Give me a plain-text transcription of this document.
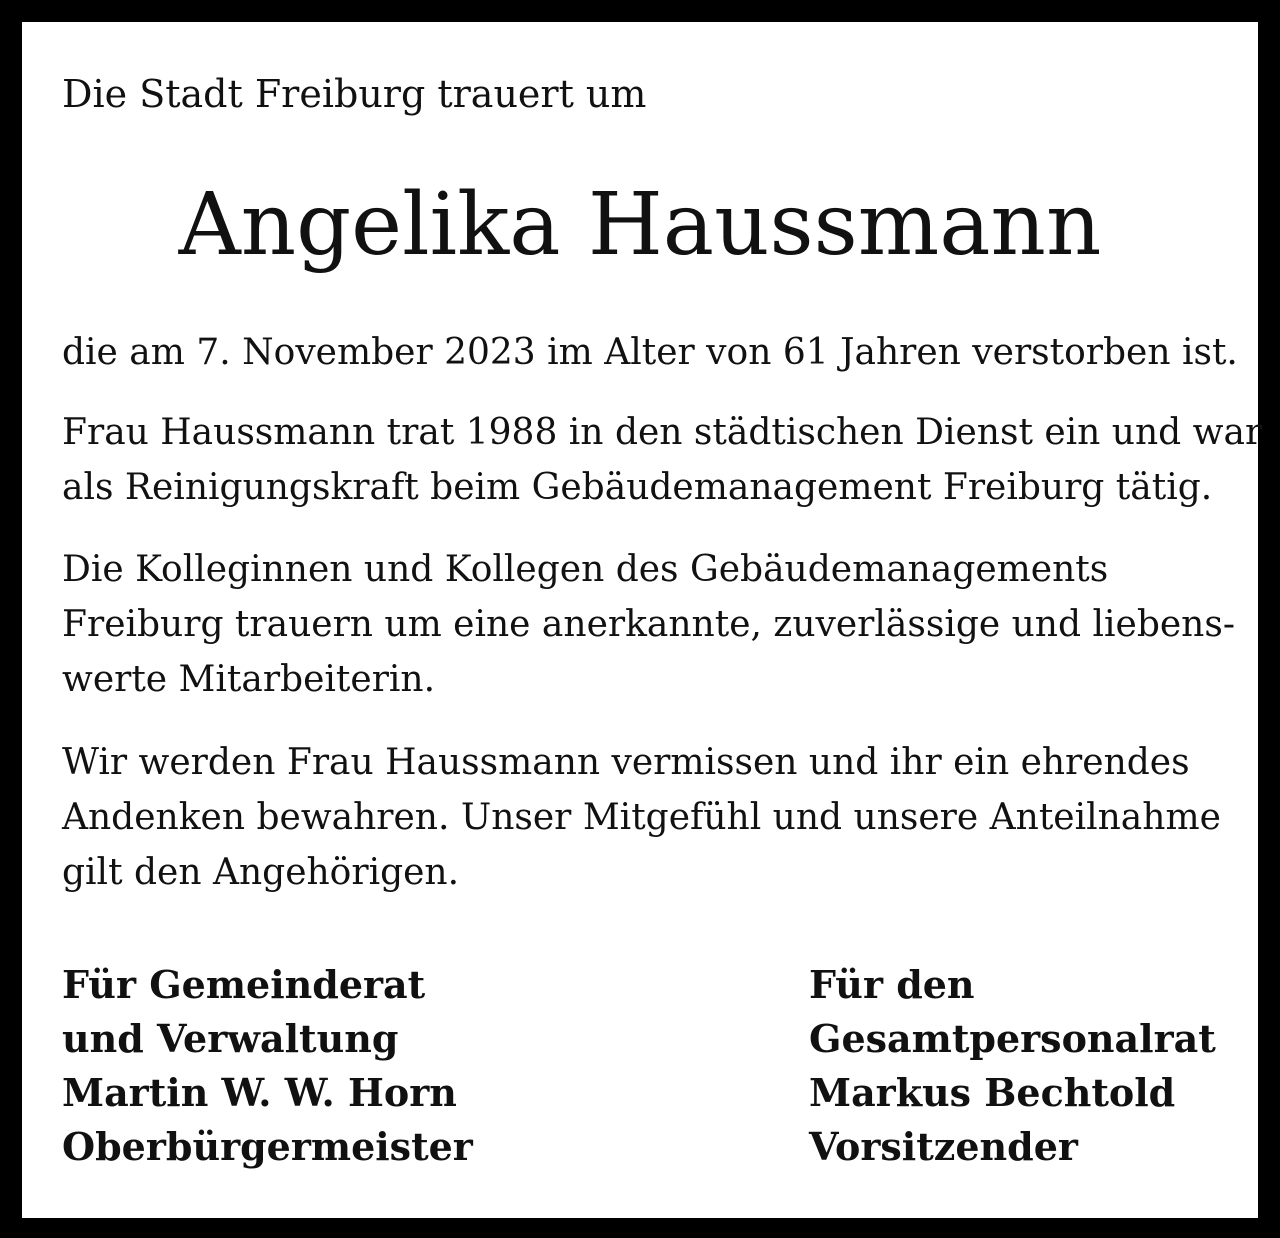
Die Stadt Freiburg trauert um
Angelika Haussmann
die am 7. November 2023 im Alter von 61 Jahren verstorben ist.
Frau Haussmann trat 1988 in den städtischen Dienst ein und war
als Reinigungskraft beim Gebäudemanagement Freiburg tätig.
Die Kolleginnen und Kollegen des Gebäudemanagements
Freiburg trauern um eine anerkannte, zuverlässige und liebens-
werte Mitarbeiterin.
Wir werden Frau Haussmann vermissen und ihr ein ehrendes
Andenken bewahren. Unser Mitgefühl und unsere Anteilnahme
gilt den Angehörigen.
Für Gemeinderat
und Verwaltung
Martin W. W. Horn
Oberbürgermeister
Für den
Gesamtpersonalrat
Markus Bechtold
Vorsitzender
